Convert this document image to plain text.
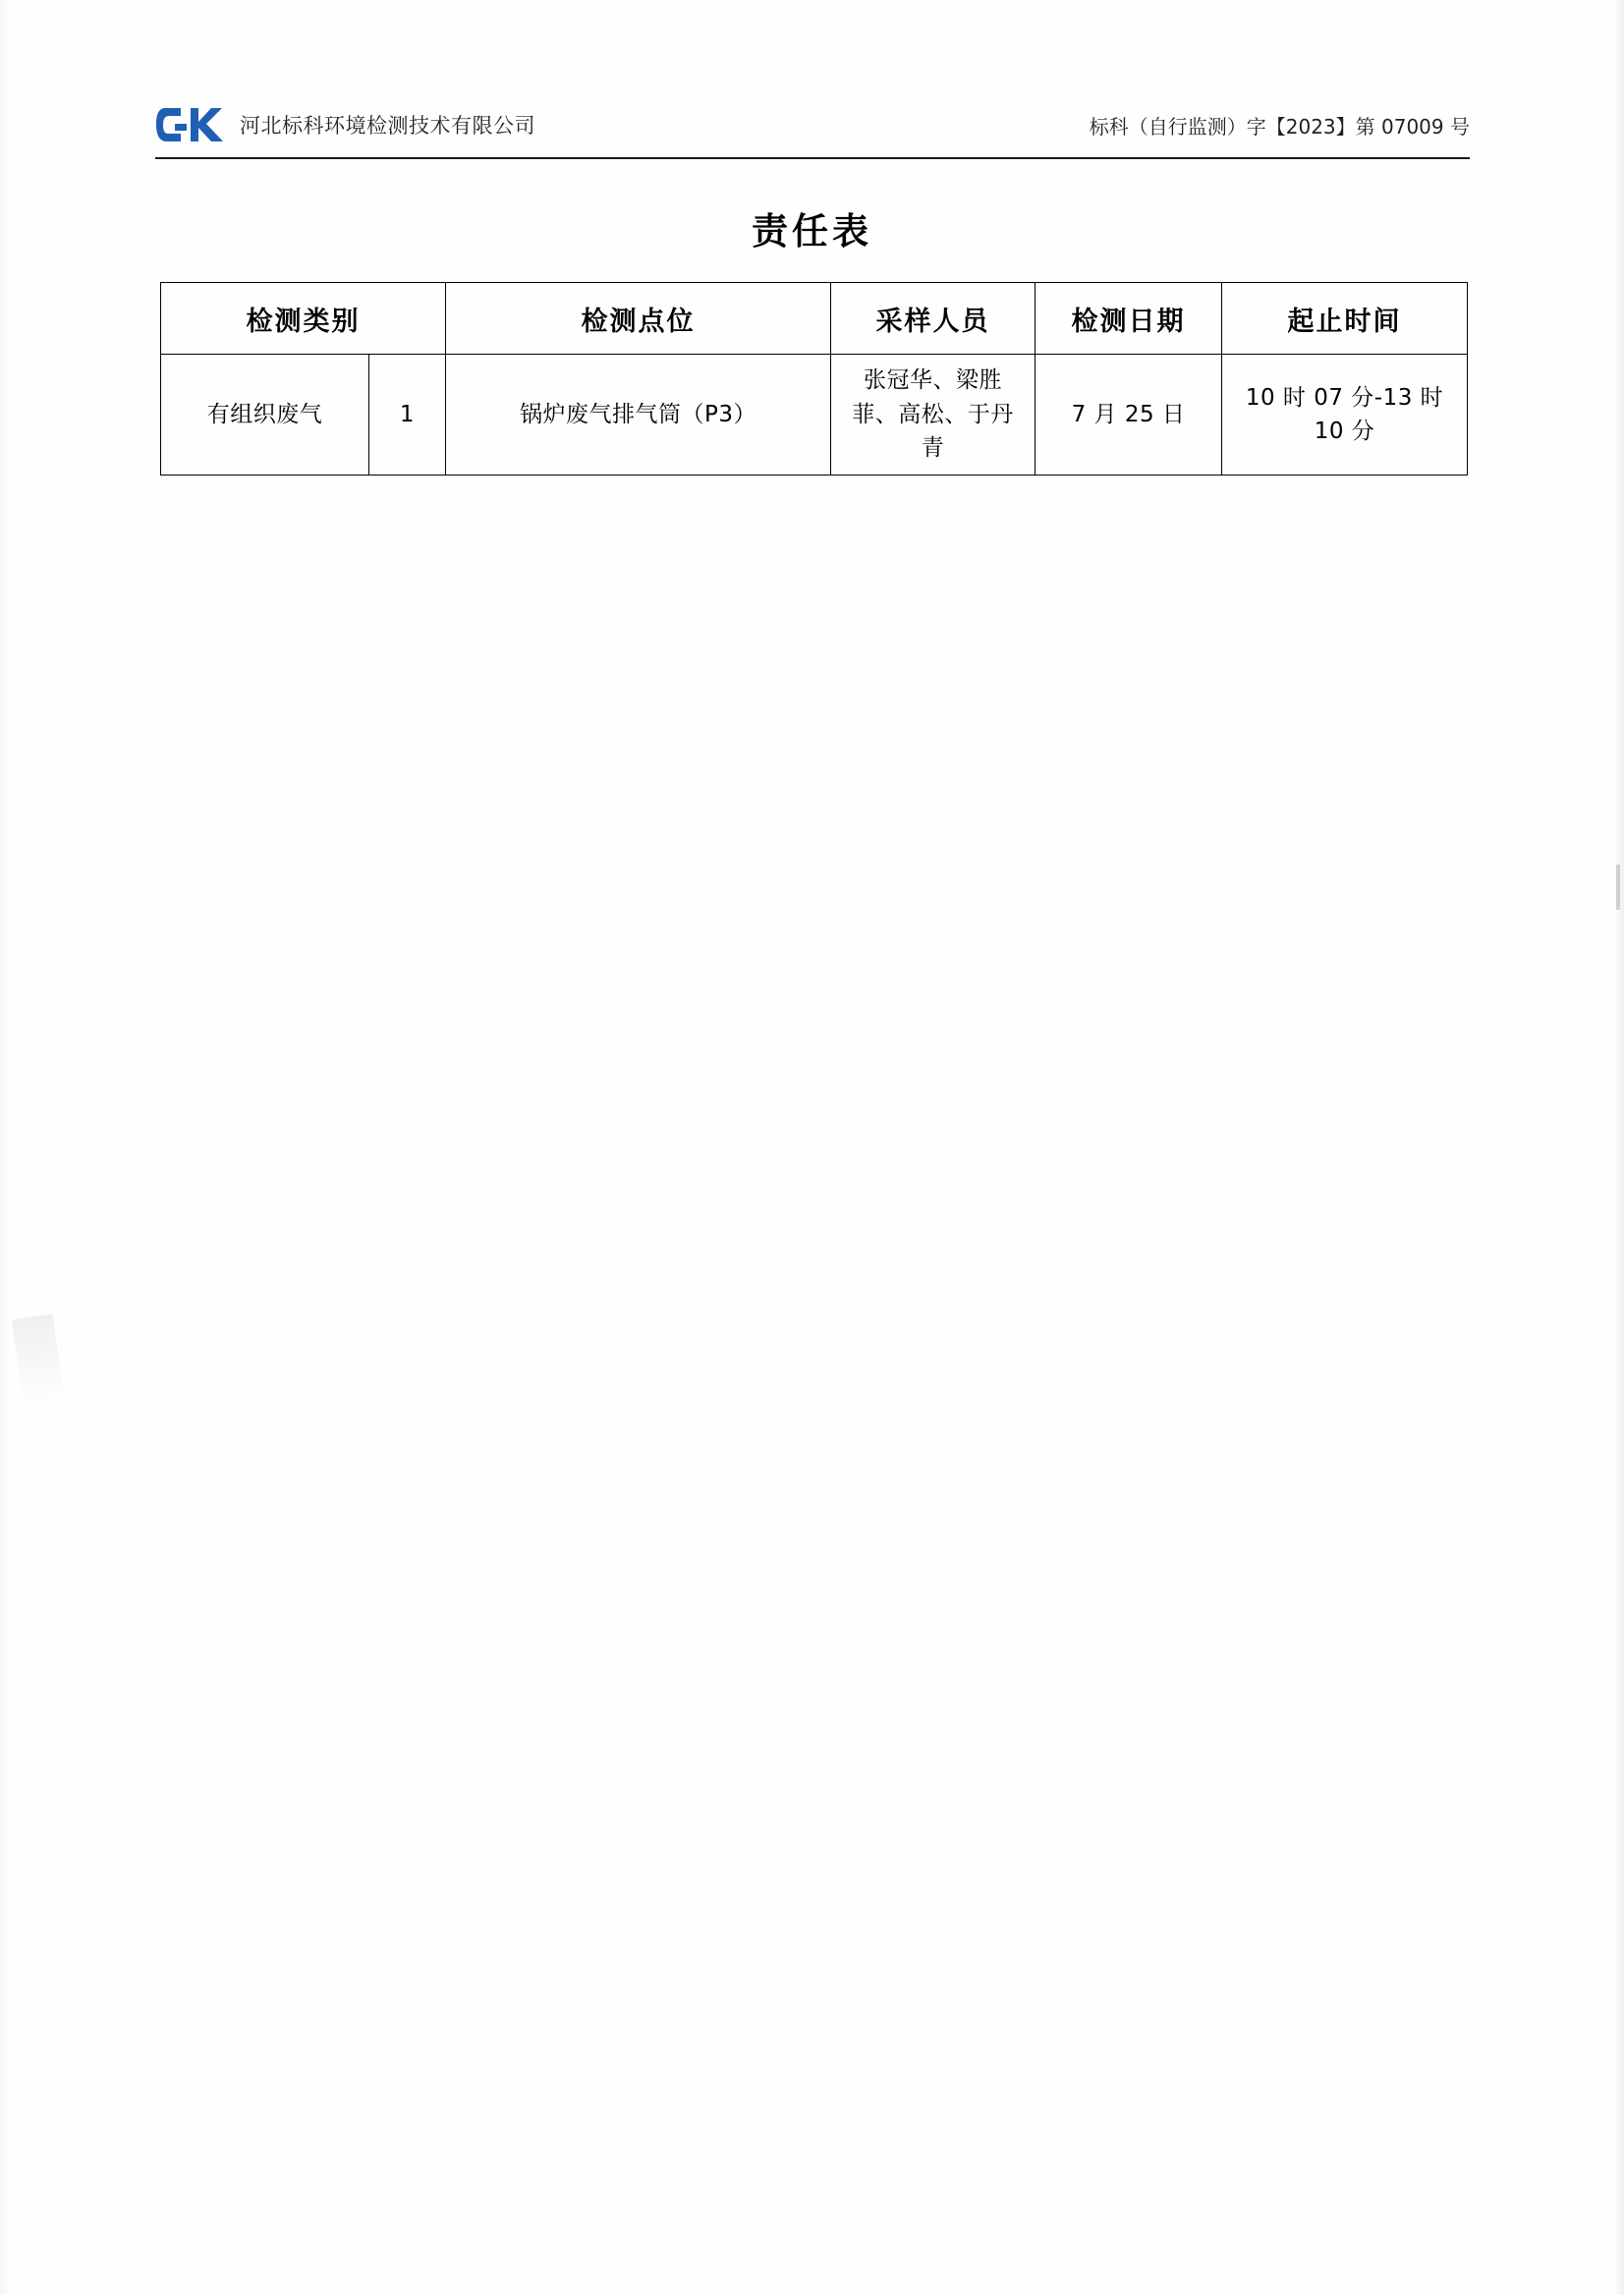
河北标科环境检测技术有限公司	标科（自行监测）字【2023】第 07009 号
责任表
检测类别		检测点位	采样人员	检测日期	起止时间

有组织废气	1	锅炉废气排气筒（P3）	张冠华、梁胜菲、高松、于丹青	7 月 25 日	10 时 07 分-13 时 10 分
